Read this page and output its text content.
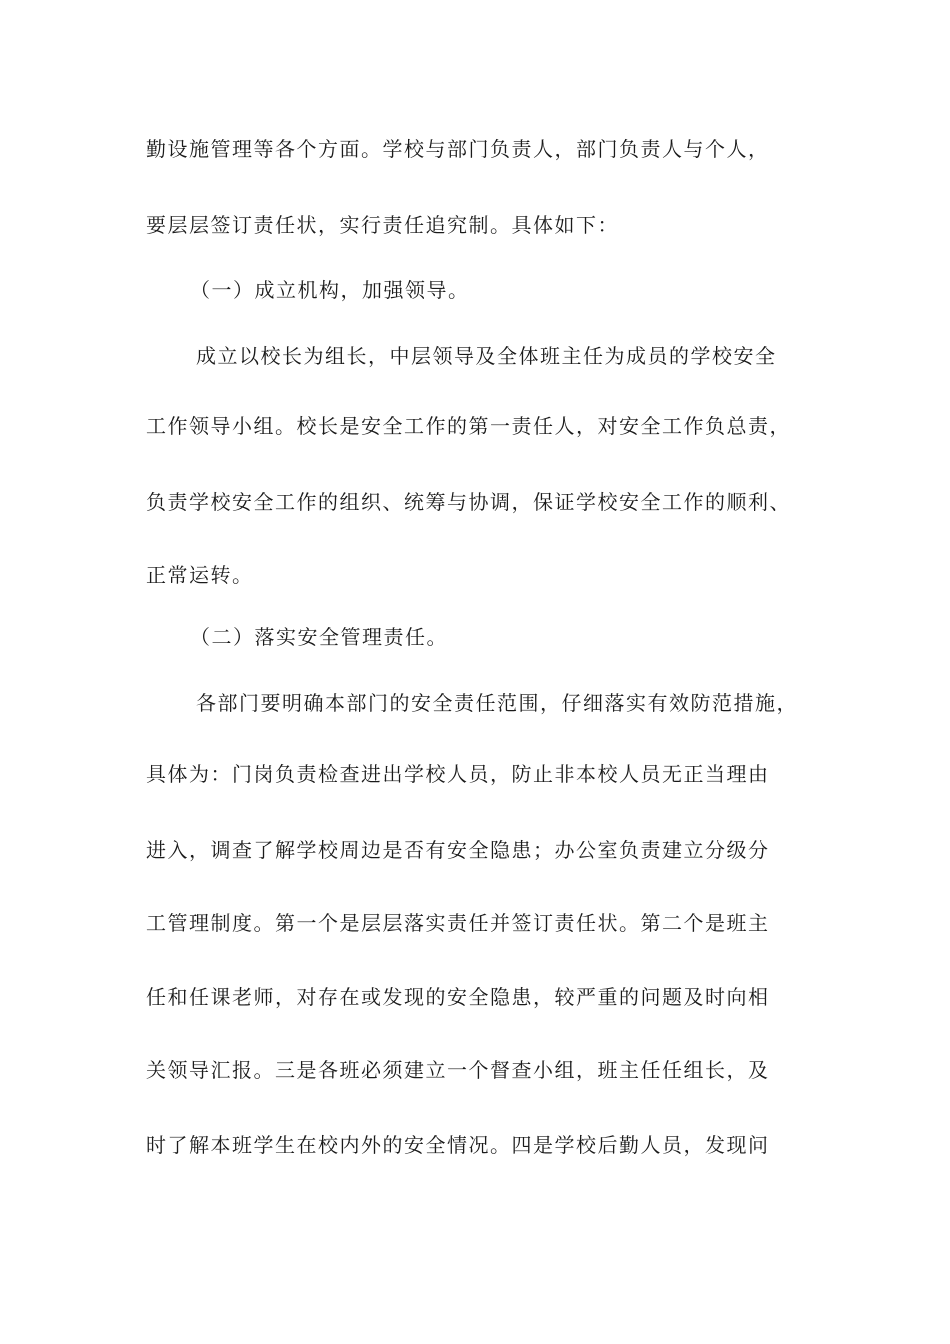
勤设施管理等各个方面。学校与部门负责人，部门负责人与个人，
要层层签订责任状，实行责任追究制。具体如下：
（一）成立机构，加强领导。
成立以校长为组长，中层领导及全体班主任为成员的学校安全
工作领导小组。校长是安全工作的第一责任人，对安全工作负总责，
负责学校安全工作的组织、统筹与协调，保证学校安全工作的顺利、
正常运转。
（二）落实安全管理责任。
各部门要明确本部门的安全责任范围，仔细落实有效防范措施，
具体为：门岗负责检查进出学校人员，防止非本校人员无正当理由
进入，调查了解学校周边是否有安全隐患；办公室负责建立分级分
工管理制度。第一个是层层落实责任并签订责任状。第二个是班主
任和任课老师，对存在或发现的安全隐患，较严重的问题及时向相
关领导汇报。三是各班必须建立一个督查小组，班主任任组长，及
时了解本班学生在校内外的安全情况。四是学校后勤人员，发现问
